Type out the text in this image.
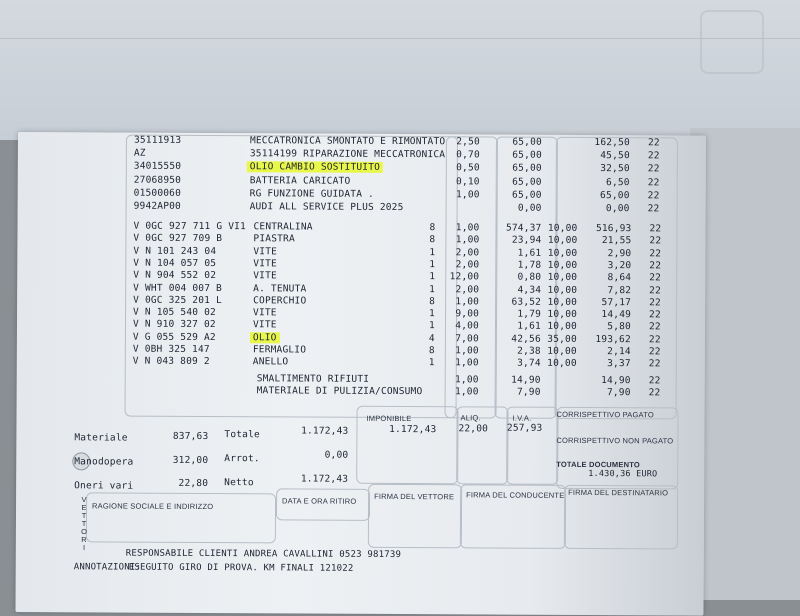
35111913	MECCATRONICA SMONTATO E RIMONTATO	2,50	65,00	162,50 22
AZ	35114199 RIPARAZIONE MECCATRONICA	0,70	65,00	45,50 22
34015550	OLIO CAMBIO SOSTITUITO	0,50	65,00	32,50 22
27068950	BATTERIA CARICATO	0,10	65,00	6,50 22
01500060	RG FUNZIONE GUIDATA .	1,00	65,00	65,00 22
9942AP00	AUDI ALL SERVICE PLUS 2025	0,00	0,00 22
V 0GC 927 711 G VI1 CENTRALINA	8	1,00	574,37 10,00	516,93 22
V 0GC 927 709 B	PIASTRA	8	1,00	23,94 10,00	21,55 22
V N 101 243 04	VITE	1	2,00	1,61 10,00	2,90 22
V N 104 057 05	VITE	1	2,00	1,78 10,00	3,20 22
V N 904 552 02	VITE	1	12,00	0,80 10,00	8,64 22
V WHT 004 007 B	A. TENUTA	1	2,00	4,34 10,00	7,82 22
V 0GC 325 201 L	COPERCHIO	8	1,00	63,52 10,00	57,17 22
V N 105 540 02	VITE	1	9,00	1,79 10,00	14,49 22
V N 910 327 02	VITE	1	4,00	1,61 10,00	5,80 22
V G 055 529 A2	OLIO	4	7,00	42,56 35,00	193,62 22
V 0BH 325 147	FERMAGLIO	8	1,00	2,38 10,00	2,14 22
V N 043 809 2	ANELLO	1	1,00	3,74 10,00	3,37 22
SMALTIMENTO RIFIUTI	1,00	14,90	14,90 22
MATERIALE DI PULIZIA/CONSUMO	1,00	7,90	7,90 22
Materiale	837,63
Manodopera	312,00
Oneri vari	22,80
Totale	1.172,43
Arrot.	0,00
Netto	1.172,43
IMPONIBILE
1.172,43
ALIQ.
22,00
I.V.A.
257,93
CORRISPETTIVO PAGATO
CORRISPETTIVO NON PAGATO
TOTALE DOCUMENTO
1.430,36 EURO
RAGIONE SOCIALE E INDIRIZZO
DATA E ORA RITIRO FIRMA DEL VETTORE FIRMA DEL CONDUCENTE FIRMA DEL DESTINATARIO
RESPONSABILE CLIENTI ANDREA CAVALLINI 0523 981739
ANNOTAZIONI:
ESEGUITO GIRO DI PROVA. KM FINALI 121022
V
E
T
T
O
R
I
